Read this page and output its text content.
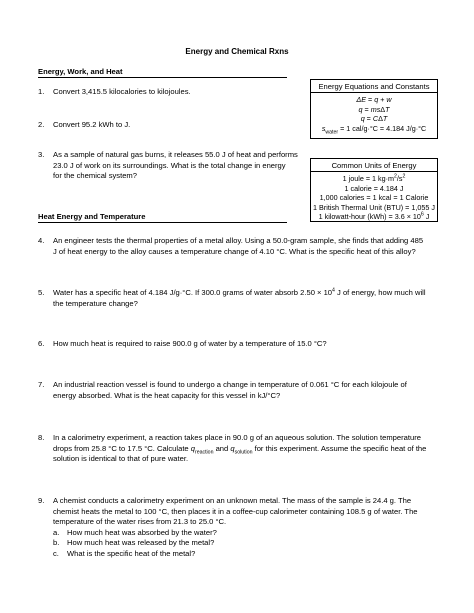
Energy and Chemical Rxns
Energy, Work, and Heat
1. Convert 3,415.5 kilocalories to kilojoules.
2. Convert 95.2 kWh to J.
3. As a sample of natural gas burns, it releases 55.0 J of heat and performs
23.0 J of work on its surroundings. What is the total change in energy
for the chemical system?
Energy Equations and Constants
ΔE = q + w
q = msΔT
q = CΔT
$s_{water} = 1$ cal/g·°C = 4.184 J/g·°C
Common Units of Energy
1 joule = 1 $kg\cdot m^2/s^2$
1 calorie = 4.184 J
1,000 calories = 1 kcal = 1 Calorie
1 British Thermal Unit (BTU) = 1,055 J
1 kilowatt-hour $(kWh) = 3.6 \times 10^6$ J
Heat Energy and Temperature
4. An engineer tests the thermal properties of a metal alloy. Using a 50.0-gram sample, she finds that adding 485
J of heat energy to the alloy causes a temperature change of 4.10 °C. What is the specific heat of this alloy?
5. Water has a specific heat of 4.184 J/g·°C. If 300.0 grams of water absorb $2.50 \times 10^4$ J of energy, how much will
the temperature change?
6. How much heat is required to raise 900.0 g of water by a temperature of 15.0 °C?
7. An industrial reaction vessel is found to undergo a change in temperature of 0.061 °C for each kilojoule of
energy absorbed. What is the heat capacity for this vessel in kJ/°C?
8. In a calorimetry experiment, a reaction takes place in 90.0 g of an aqueous solution. The solution temperature
drops from 25.8 °C to 17.5 °C. Calculate $q_{reaction}$ and $q_{solution}$ for this experiment. Assume the specific heat of the
solution is identical to that of pure water.
9. A chemist conducts a calorimetry experiment on an unknown metal. The mass of the sample is 24.4 g. The
chemist heats the metal to 100 °C, then places it in a coffee-cup calorimeter containing 108.5 g of water. The
temperature of the water rises from 21.3 to 25.0 °C.
a. How much heat was absorbed by the water?
b. How much heat was released by the metal?
c. What is the specific heat of the metal?
